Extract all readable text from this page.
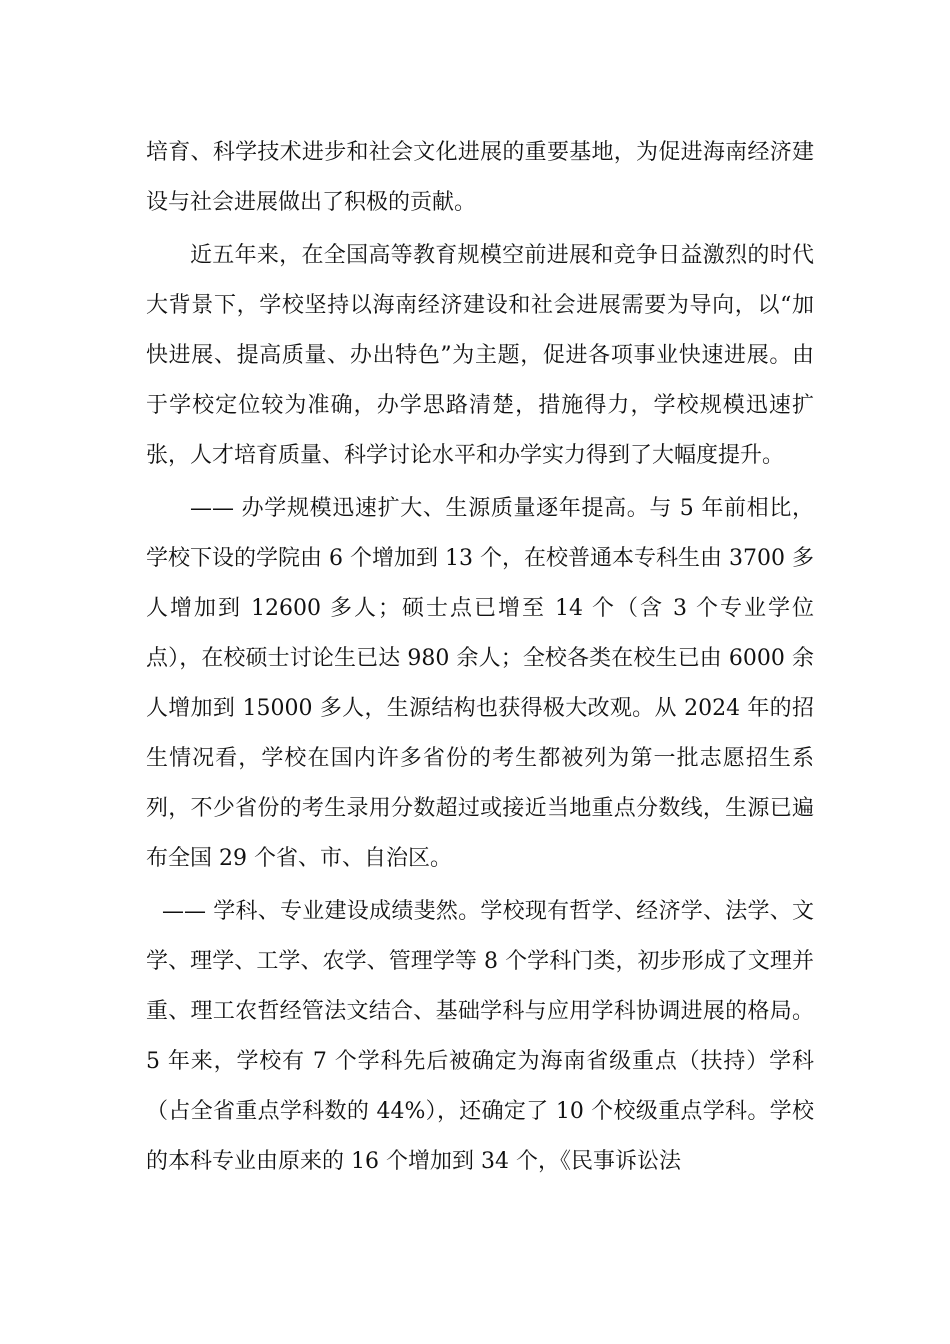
培育、科学技术进步和社会文化进展的重要基地，为促进海南经济建设与社会进展做出了积极的贡献。

近五年来，在全国高等教育规模空前进展和竞争日益激烈的时代大背景下，学校坚持以海南经济建设和社会进展需要为导向，以“加快进展、提高质量、办出特色”为主题，促进各项事业快速进展。由于学校定位较为准确，办学思路清楚，措施得力，学校规模迅速扩张，人才培育质量、科学讨论水平和办学实力得到了大幅度提升。

—— 办学规模迅速扩大、生源质量逐年提高。与 5 年前相比，学校下设的学院由 6 个增加到 13 个，在校普通本专科生由 3700 多人增加到 12600 多人；硕士点已增至 14 个（含 3 个专业学位点），在校硕士讨论生已达 980 余人；全校各类在校生已由 6000 余人增加到 15000 多人，生源结构也获得极大改观。从 2024 年的招生情况看，学校在国内许多省份的考生都被列为第一批志愿招生系列，不少省份的考生录用分数超过或接近当地重点分数线，生源已遍布全国 29 个省、市、自治区。

—— 学科、专业建设成绩斐然。学校现有哲学、经济学、法学、文学、理学、工学、农学、管理学等 8 个学科门类，初步形成了文理并重、理工农哲经管法文结合、基础学科与应用学科协调进展的格局。5 年来，学校有 7 个学科先后被确定为海南省级重点（扶持）学科（占全省重点学科数的 44%），还确定了 10 个校级重点学科。学校的本科专业由原来的 16 个增加到 34 个，《民事诉讼法
